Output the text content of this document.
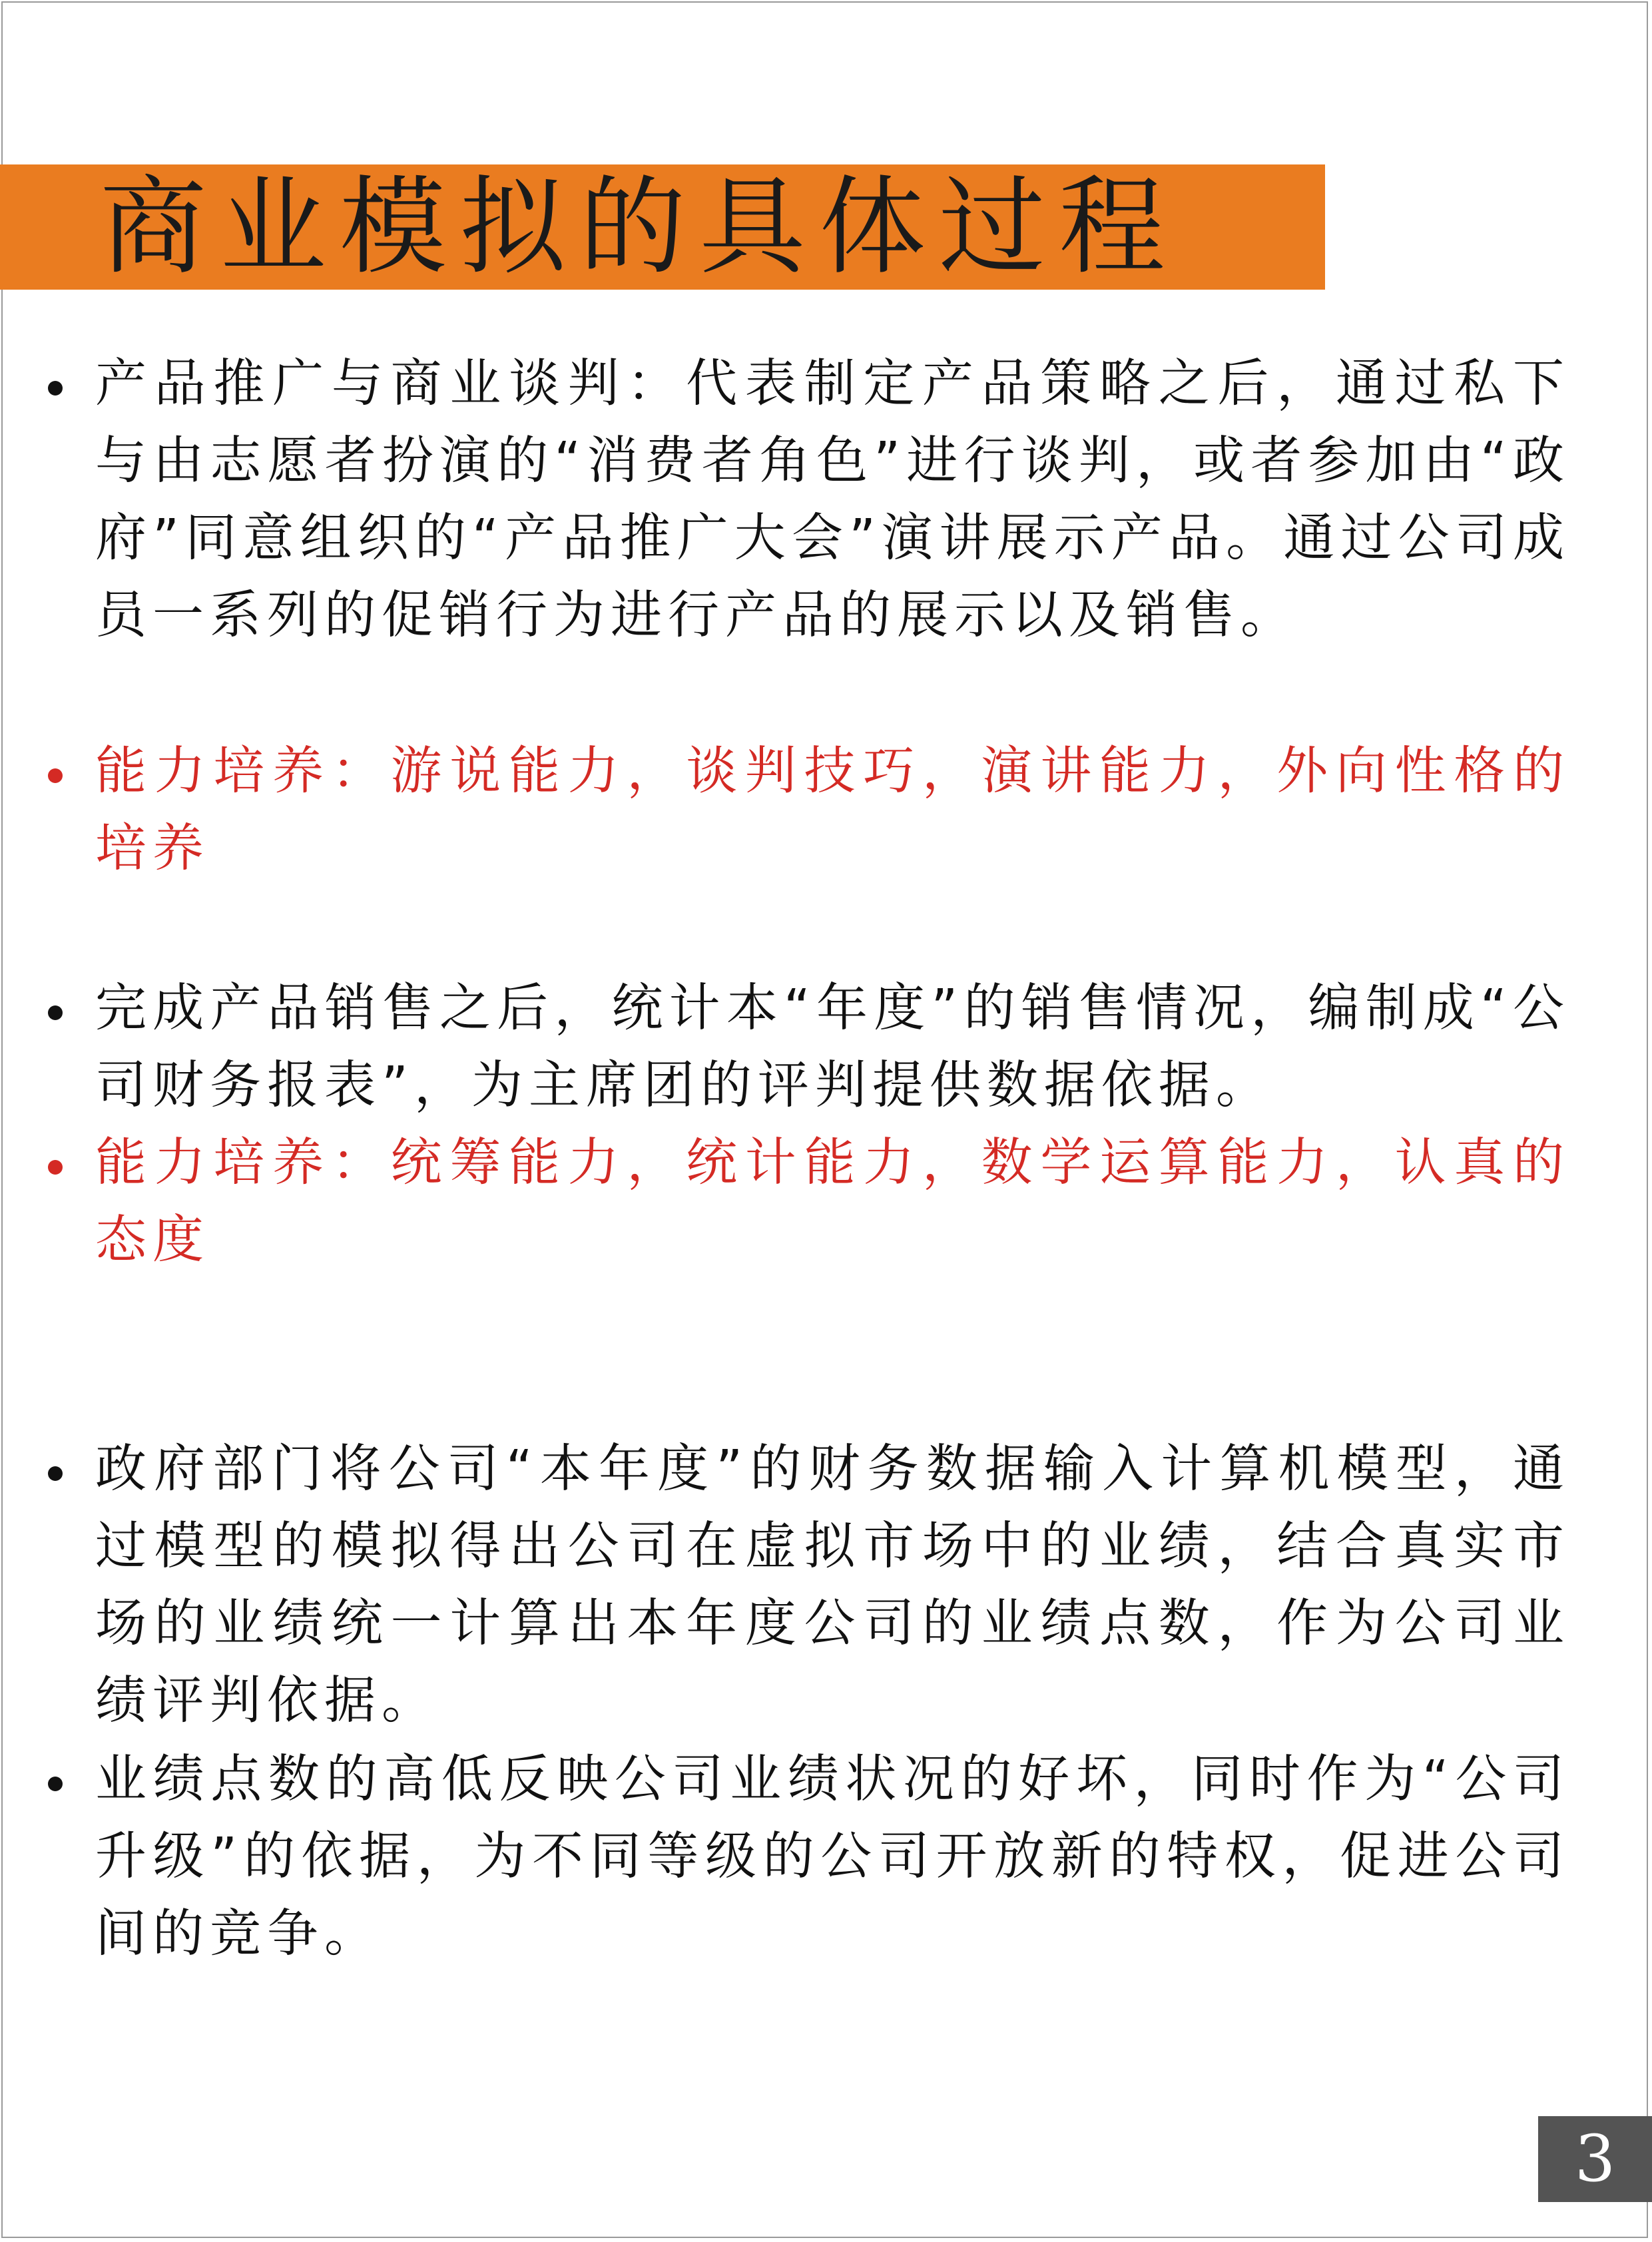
商业模拟的具体过程
产品推广与商业谈判：代表制定产品策略之后，通过私下与由志愿者扮演的“消费者角色”进行谈判，或者参加由“政府”同意组织的“产品推广大会”演讲展示产品。通过公司成员一系列的促销行为进行产品的展示以及销售。
能力培养：游说能力，谈判技巧，演讲能力，外向性格的培养
完成产品销售之后，统计本“年度”的销售情况，编制成“公司财务报表”，为主席团的评判提供数据依据。
能力培养：统筹能力，统计能力，数学运算能力，认真的态度
政府部门将公司“本年度”的财务数据输入计算机模型，通过模型的模拟得出公司在虚拟市场中的业绩，结合真实市场的业绩统一计算出本年度公司的业绩点数，作为公司业绩评判依据。
业绩点数的高低反映公司业绩状况的好坏，同时作为“公司升级”的依据，为不同等级的公司开放新的特权，促进公司间的竞争。
3
